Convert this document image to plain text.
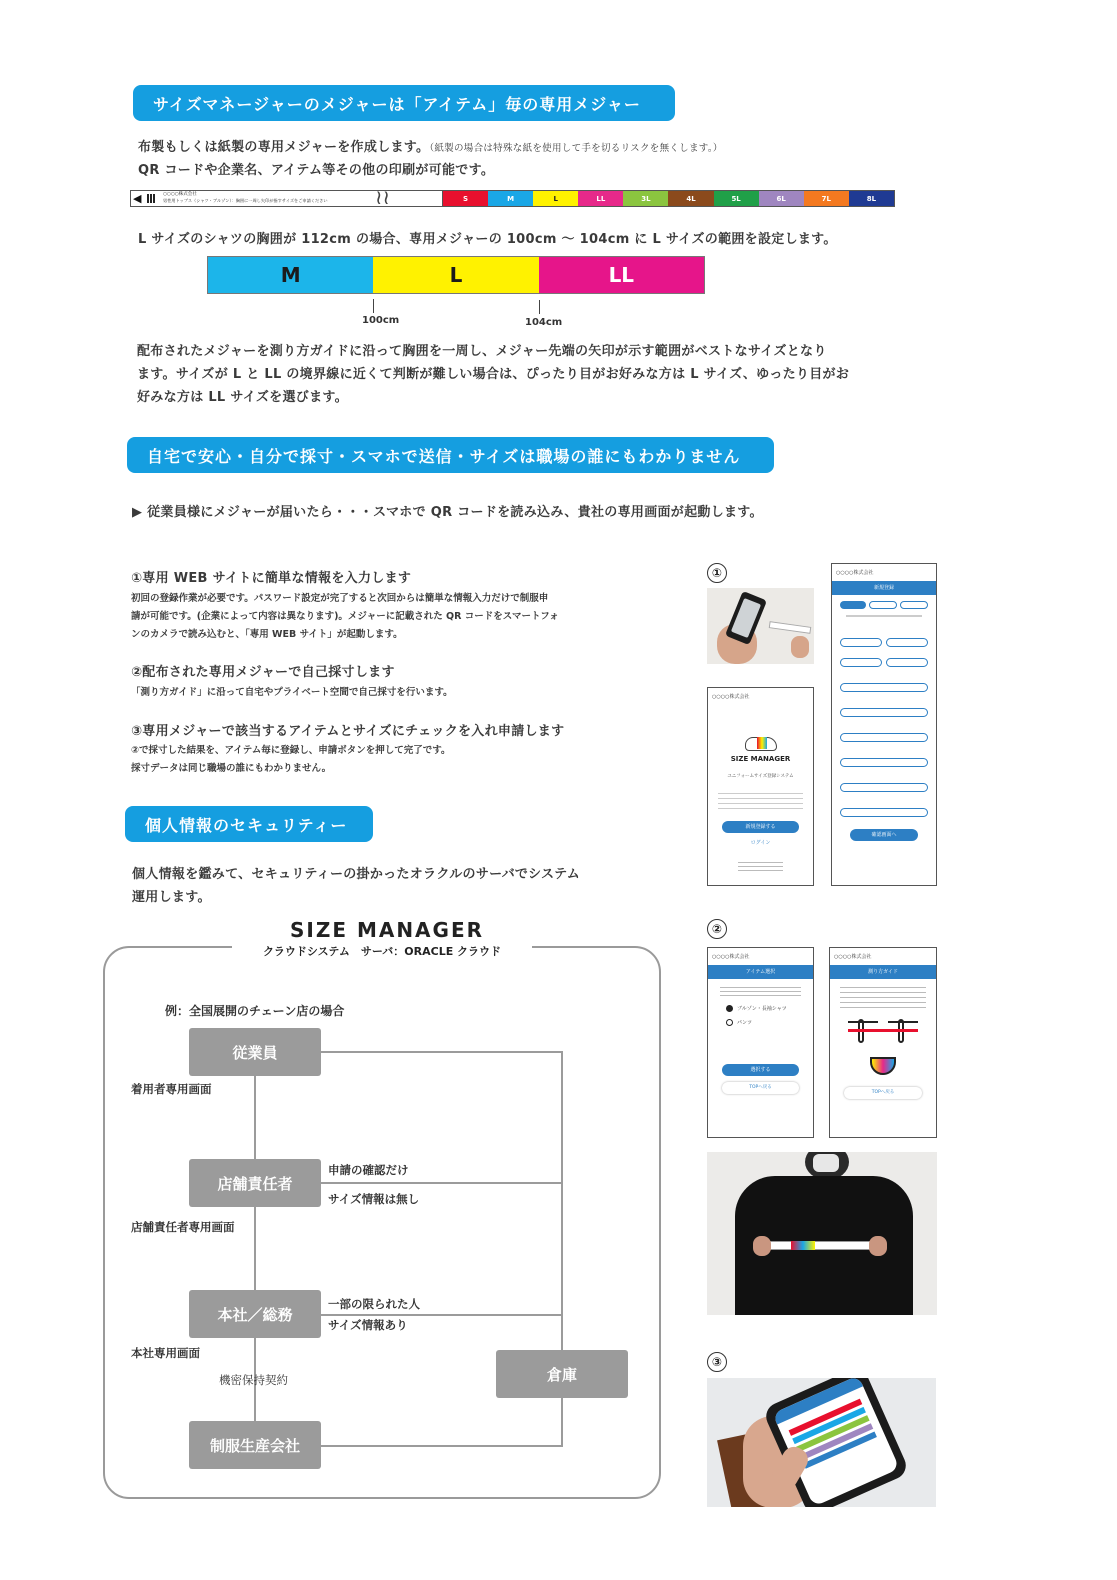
サイズマネージャーのメジャーは「アイテム」毎の専用メジャー
布製もしくは紙製の専用メジャーを作成します。（紙製の場合は特殊な紙を使用して手を切るリスクを無くします。）
QR コードや企業名、アイテム等その他の印刷が可能です。
◀	○○○○株式会社
男性用トップス（シャツ・ブルゾン）：胸囲に一周し矢印が指すサイズをご申請ください ≀≀	S	M	L	LL	3L	4L	5L	6L	7L	8L
L サイズのシャツの胸囲が 112cm の場合、専用メジャーの 100cm ～ 104cm に L サイズの範囲を設定します。
M	L	LL
100cm	104cm
配布されたメジャーを測り方ガイドに沿って胸囲を一周し、メジャー先端の矢印が示す範囲がベストなサイズとなり
ます。サイズが L と LL の境界線に近くて判断が難しい場合は、ぴったり目がお好みな方は L サイズ、ゆったり目がお
好みな方は LL サイズを選びます。
自宅で安心・自分で採寸・スマホで送信・サイズは職場の誰にもわかりません
▶ 従業員様にメジャーが届いたら・・・スマホで QR コードを読み込み、貴社の専用画面が起動します。
①専用 WEB サイトに簡単な情報を入力します
初回の登録作業が必要です。パスワード設定が完了すると次回からは簡単な情報入力だけで制服申
請が可能です。(企業によって内容は異なります)。メジャーに記載された QR コードをスマートフォ
ンのカメラで読み込むと、「専用 WEB サイト」が起動します。
②配布された専用メジャーで自己採寸します
「測り方ガイド」に沿って自宅やプライベート空間で自己採寸を行います。
③専用メジャーで該当するアイテムとサイズにチェックを入れ申請します
②で採寸した結果を、アイテム毎に登録し、申請ボタンを押して完了です。
採寸データは同じ職場の誰にもわかりません。
個人情報のセキュリティー
個人情報を鑑みて、セキュリティーの掛かったオラクルのサーバでシステム
運用します。
SIZE MANAGER
クラウドシステム　サーバ：ORACLE クラウド
例：全国展開のチェーン店の場合
従業員
店舗責任者
本社／総務
制服生産会社
倉庫
着用者専用画面
店舗責任者専用画面
本社専用画面
機密保持契約
申請の確認だけ
サイズ情報は無し
一部の限られた人
サイズ情報あり
①
○○○○株式会社
SIZE MANAGER
ユニフォームサイズ登録システム
新規登録する
ログイン
○○○○株式会社
新規登録

確認画面へ
②
○○○○株式会社
アイテム選択
ブルゾン・長袖シャツ
パンツ
選択する
TOPへ戻る
○○○○株式会社
測り方ガイド
TOPへ戻る
③
